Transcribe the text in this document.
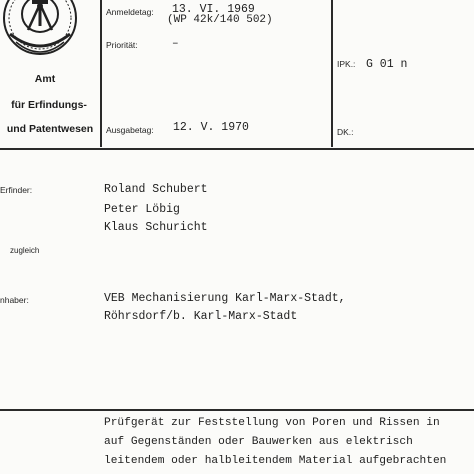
Amt
für Erfindungs-
und Patentwesen
Anmeldetag: 13. VI. 1969
(WP 42k/140 502)
Priorität:	–
Ausgabetag: 12. V. 1970
IPK.: G 01 n
DK.:
Erfinder:	Roland Schubert
Peter Löbig
Klaus Schuricht
zugleich
nhaber:	VEB Mechanisierung Karl-Marx-Stadt,
Röhrsdorf/b. Karl-Marx-Stadt
Prüfgerät zur Feststellung von Poren und Rissen in
auf Gegenständen oder Bauwerken aus elektrisch
leitendem oder halbleitendem Material aufgebrachten
